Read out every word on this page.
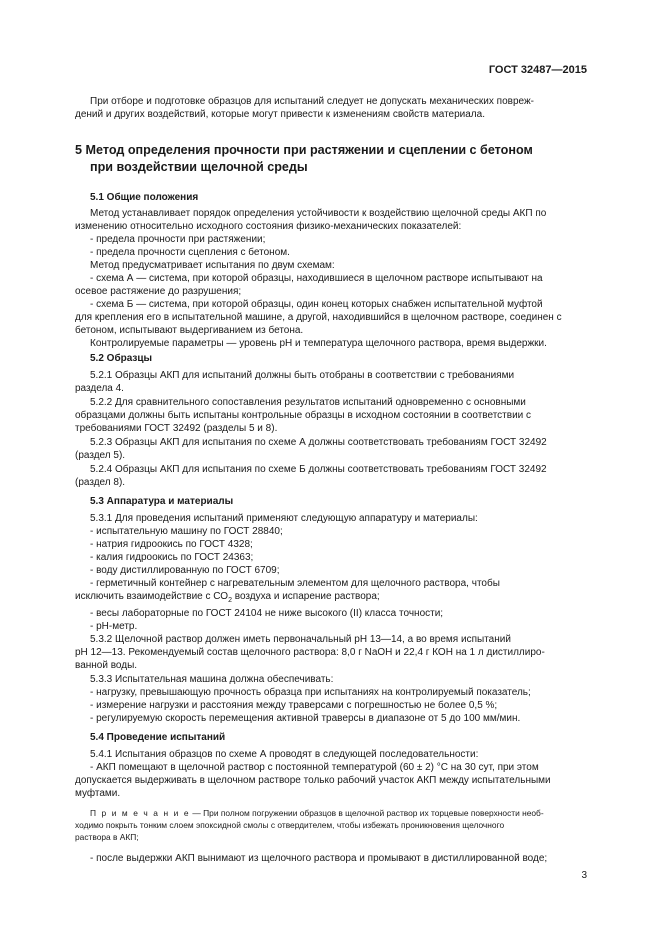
ГОСТ 32487—2015

При отборе и подготовке образцов для испытаний следует не допускать механических повреж-

дений и других воздействий, которые могут привести к изменениям свойств материала.

5 Метод определения прочности при растяжении и сцеплении с бетоном
при воздействии щелочной среды

5.1 Общие положения

Метод устанавливает порядок определения устойчивости к воздействию щелочной среды АКП по

изменению относительно исходного состояния физико-механических показателей:

- предела прочности при растяжении;

- предела прочности сцепления с бетоном.

Метод предусматривает испытания по двум схемам:

- схема А — система, при которой образцы, находившиеся в щелочном растворе испытывают на

осевое растяжение до разрушения;

- схема Б — система, при которой образцы, один конец которых снабжен испытательной муфтой

для крепления его в испытательной машине, а другой, находившийся в щелочном растворе, соединен с

бетоном, испытывают выдергиванием из бетона.

Контролируемые параметры — уровень рН и температура щелочного раствора, время выдержки.

5.2 Образцы

5.2.1 Образцы АКП для испытаний должны быть отобраны в соответствии с требованиями

раздела 4.

5.2.2 Для сравнительного сопоставления результатов испытаний одновременно с основными

образцами должны быть испытаны контрольные образцы в исходном состоянии в соответствии с

требованиями ГОСТ 32492 (разделы 5 и 8).

5.2.3 Образцы АКП для испытания по схеме А должны соответствовать требованиям ГОСТ 32492

(раздел 5).

5.2.4 Образцы АКП для испытания по схеме Б должны соответствовать требованиям ГОСТ 32492

(раздел 8).

5.3 Аппаратура и материалы

5.3.1 Для проведения испытаний применяют следующую аппаратуру и материалы:

- испытательную машину по ГОСТ 28840;

- натрия гидроокись по ГОСТ 4328;

- калия гидроокись по ГОСТ 24363;

- воду дистиллированную по ГОСТ 6709;

- герметичный контейнер с нагревательным элементом для щелочного раствора, чтобы

исключить взаимодействие с $СО_2$ воздуха и испарение раствора;

- весы лабораторные по ГОСТ 24104 не ниже высокого (II) класса точности;

- рН-метр.

5.3.2 Щелочной раствор должен иметь первоначальный рН 13—14, а во время испытаний

рН 12—13. Рекомендуемый состав щелочного раствора: 8,0 г NaOH и 22,4 г КОН на 1 л дистиллиро-

ванной воды.

5.3.3 Испытательная машина должна обеспечивать:

- нагрузку, превышающую прочность образца при испытаниях на контролируемый показатель;

- измерение нагрузки и расстояния между траверсами с погрешностью не более 0,5 %;

- регулируемую скорость перемещения активной траверсы в диапазоне от 5 до 100 мм/мин.

5.4 Проведение испытаний

5.4.1 Испытания образцов по схеме А проводят в следующей последовательности:

- АКП помещают в щелочной раствор с постоянной температурой (60 ± 2) °С на 30 сут, при этом

допускается выдерживать в щелочном растворе только рабочий участок АКП между испытательными

муфтами.

П р и м е ч а н и е — При полном погружении образцов в щелочной раствор их торцевые поверхности необ-

ходимо покрыть тонким слоем эпоксидной смолы с отвердителем, чтобы избежать проникновения щелочного

раствора в АКП;

- после выдержки АКП вынимают из щелочного раствора и промывают в дистиллированной воде;

3
